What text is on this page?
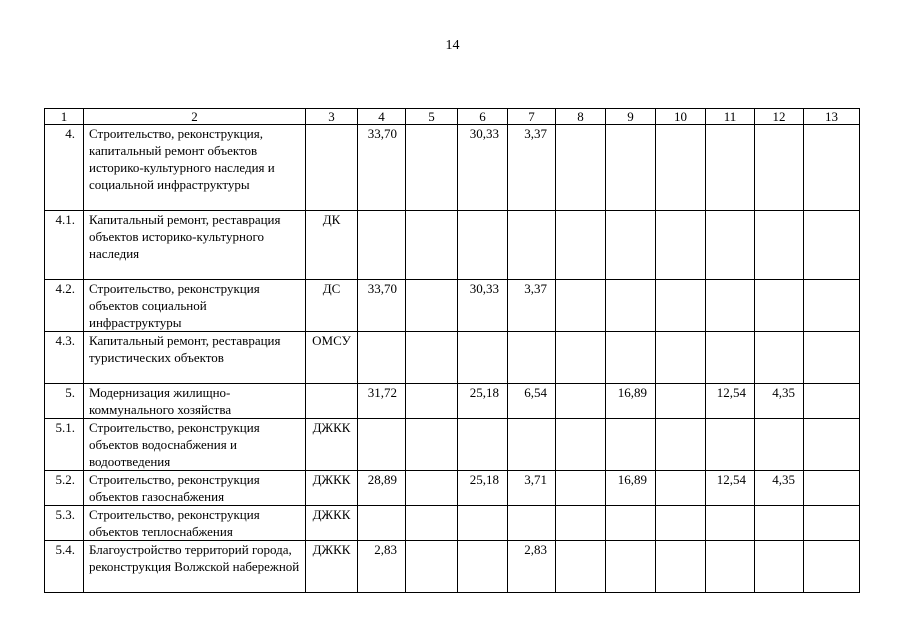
14
1	2	3	4	5	6	7	8	9	10	11	12	13
4.	Строительство, реконструкция, капитальный ремонт объектов историко-культурного наследия и социальной инфраструктуры		33,70		30,33	3,37						
4.1.	Капитальный ремонт, реставрация объектов историко-культурного наследия	ДК										
4.2.	Строительство, реконструкция объектов социальной инфраструктуры	ДС	33,70		30,33	3,37						
4.3.	Капитальный ремонт, реставрация туристических объектов	ОМСУ										
5.	Модернизация жилищно-коммунального хозяйства		31,72		25,18	6,54		16,89		12,54	4,35	
5.1.	Строительство, реконструкция объектов водоснабжения и водоотведения	ДЖКК										
5.2.	Строительство, реконструкция объектов газоснабжения	ДЖКК	28,89		25,18	3,71		16,89		12,54	4,35	
5.3.	Строительство, реконструкция объектов теплоснабжения	ДЖКК										
5.4.	Благоустройство территорий города, реконструкция Волжской набережной	ДЖКК	2,83			2,83						
